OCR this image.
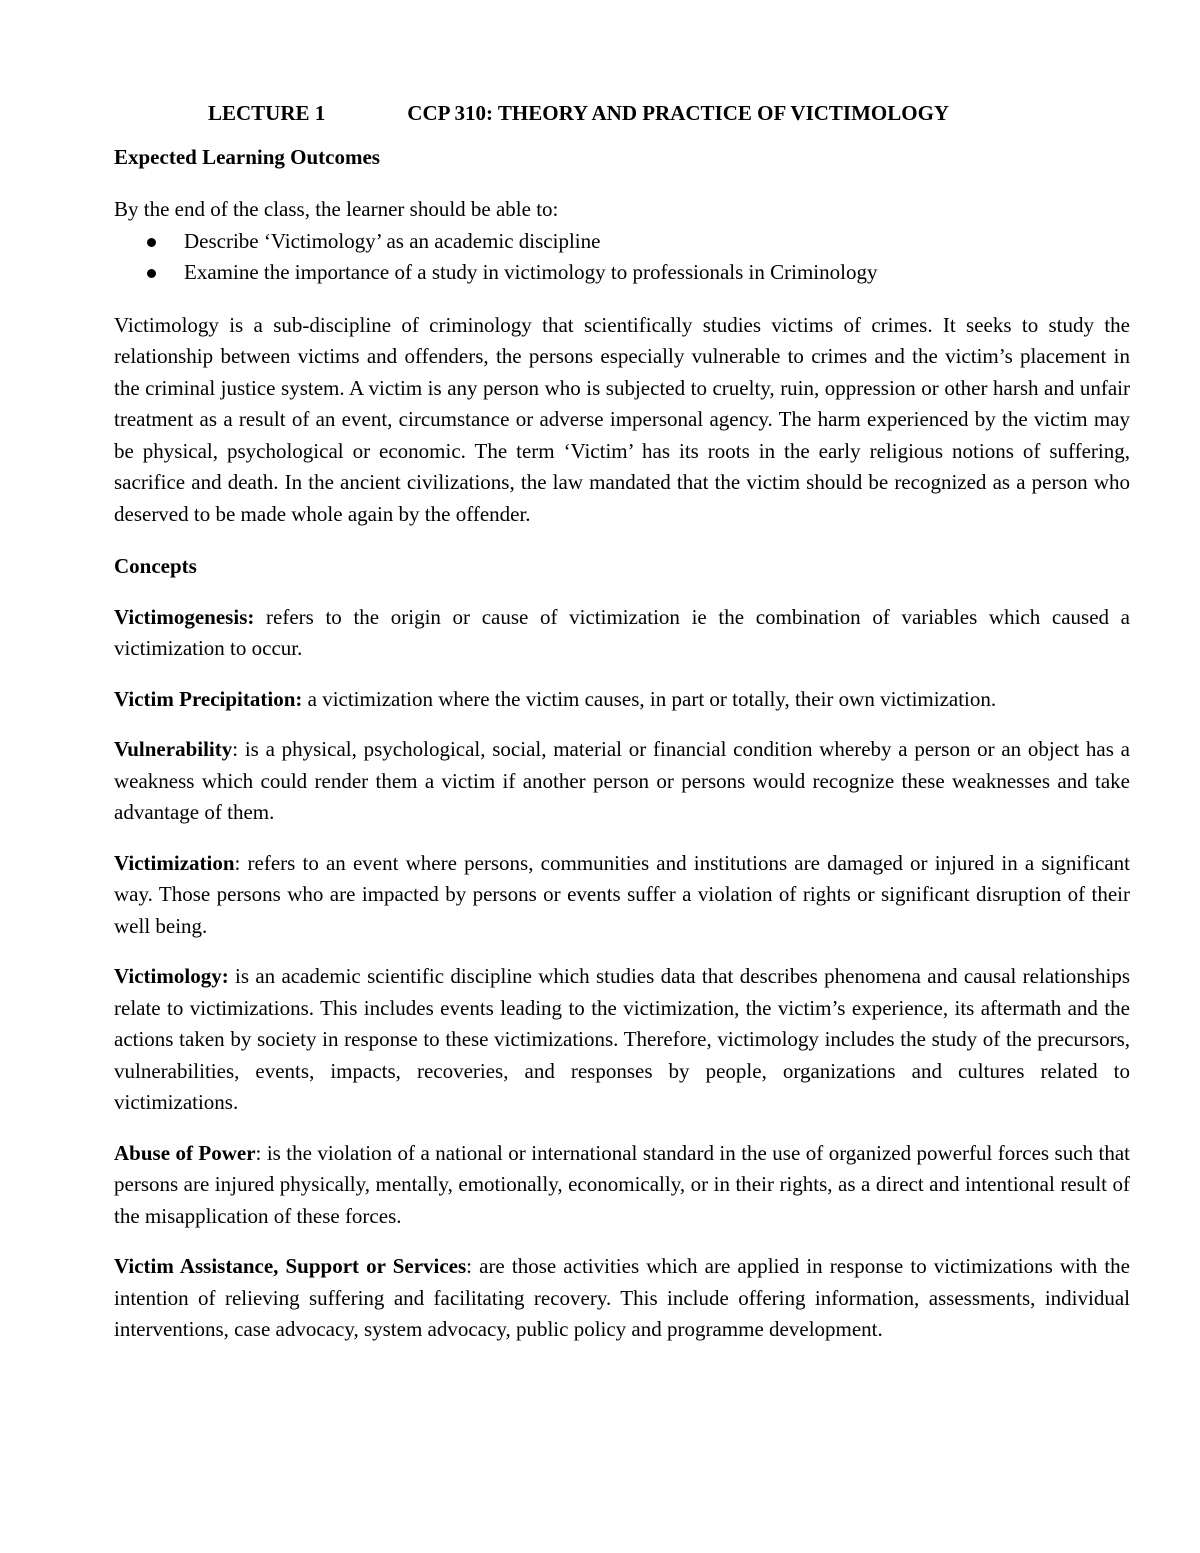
LECTURE 1	CCP 310: THEORY AND PRACTICE OF VICTIMOLOGY
Expected Learning Outcomes
By the end of the class, the learner should be able to:
Describe ‘Victimology’ as an academic discipline
Examine the importance of a study in victimology to professionals in Criminology

Victimology is a sub-discipline of criminology that scientifically studies victims of crimes. It seeks to study the relationship between victims and offenders, the persons especially vulnerable to crimes and the victim’s placement in the criminal justice system. A victim is any person who is subjected to cruelty, ruin, oppression or other harsh and unfair treatment as a result of an event, circumstance or adverse impersonal agency. The harm experienced by the victim may be physical, psychological or economic. The term ‘Victim’ has its roots in the early religious notions of suffering, sacrifice and death. In the ancient civilizations, the law mandated that the victim should be recognized as a person who deserved to be made whole again by the offender.

Concepts

Victimogenesis: refers to the origin or cause of victimization ie the combination of variables which caused a victimization to occur.

Victim Precipitation: a victimization where the victim causes, in part or totally, their own victimization.

Vulnerability: is a physical, psychological, social, material or financial condition whereby a person or an object has a weakness which could render them a victim if another person or persons would recognize these weaknesses and take advantage of them.

Victimization: refers to an event where persons, communities and institutions are damaged or injured in a significant way. Those persons who are impacted by persons or events suffer a violation of rights or significant disruption of their well being.

Victimology: is an academic scientific discipline which studies data that describes phenomena and causal relationships relate to victimizations. This includes events leading to the victimization, the victim’s experience, its aftermath and the actions taken by society in response to these victimizations. Therefore, victimology includes the study of the precursors, vulnerabilities, events, impacts, recoveries, and responses by people, organizations and cultures related to victimizations.

Abuse of Power: is the violation of a national or international standard in the use of organized powerful forces such that persons are injured physically, mentally, emotionally, economically, or in their rights, as a direct and intentional result of the misapplication of these forces.

Victim Assistance, Support or Services: are those activities which are applied in response to victimizations with the intention of relieving suffering and facilitating recovery. This include offering information, assessments, individual interventions, case advocacy, system advocacy, public policy and programme development.
